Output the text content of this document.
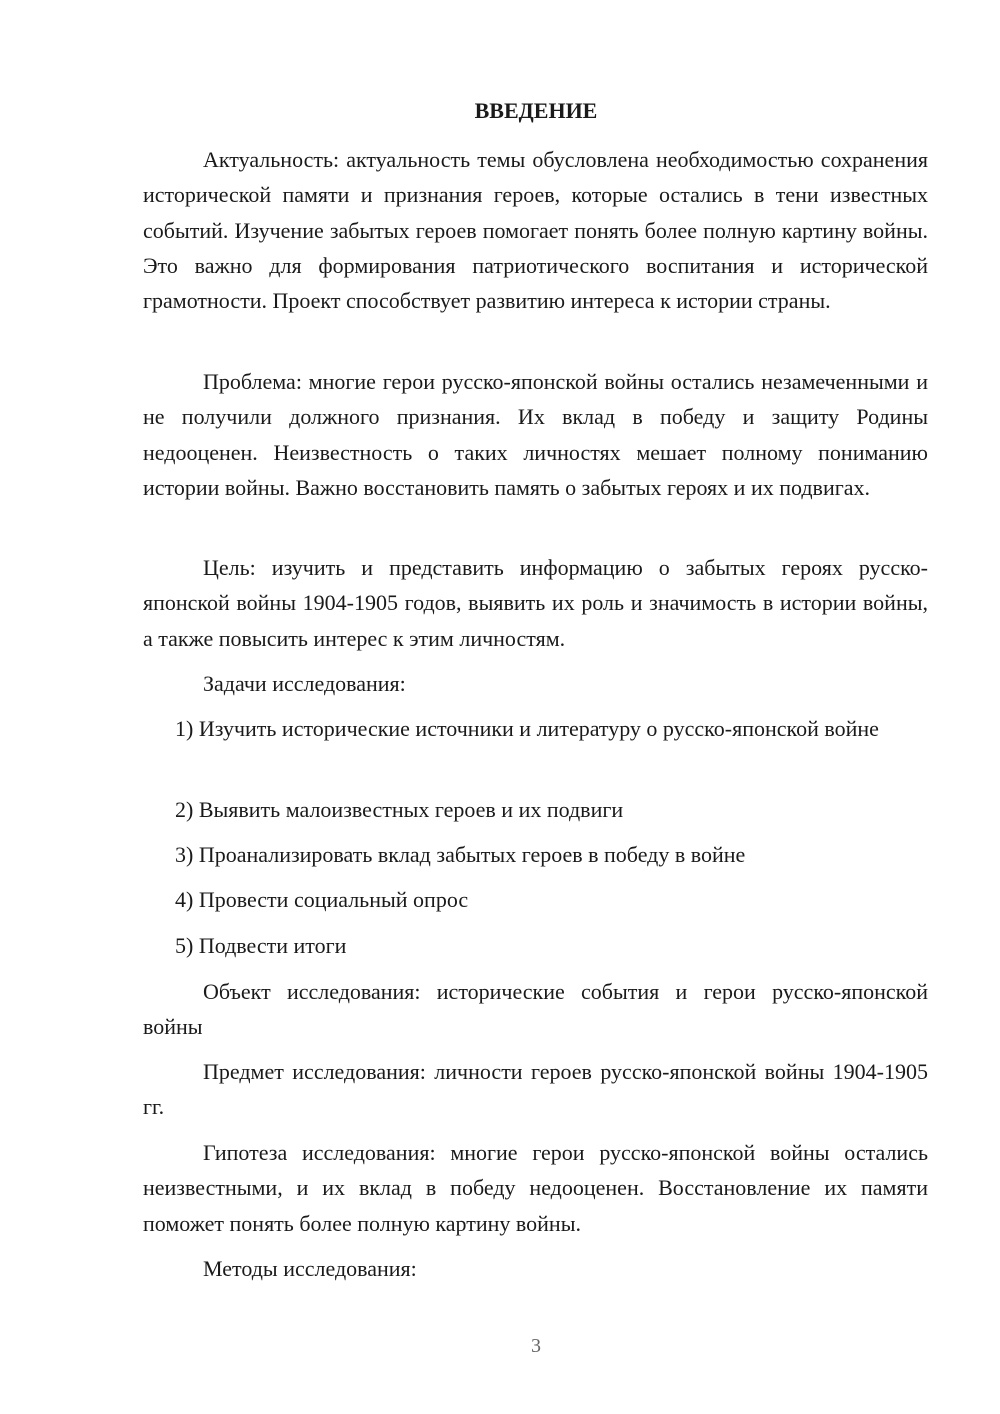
ВВЕДЕНИЕ
Актуальность: актуальность темы обусловлена необходимостью сохранения исторической памяти и признания героев, которые остались в тени известных событий. Изучение забытых героев помогает понять более полную картину войны. Это важно для формирования патриотического воспитания и исторической грамотности. Проект способствует развитию интереса к истории страны.
Проблема: многие герои русско-японской войны остались незамеченными и не получили должного признания. Их вклад в победу и защиту Родины недооценен. Неизвестность о таких личностях мешает полному пониманию истории войны. Важно восстановить память о забытых героях и их подвигах.
Цель: изучить и представить информацию о забытых героях русско-японской войны 1904-1905 годов, выявить их роль и значимость в истории войны, а также повысить интерес к этим личностям.
Задачи исследования:
1) Изучить исторические источники и литературу о русско-японской войне
2) Выявить малоизвестных героев и их подвиги
3) Проанализировать вклад забытых героев в победу в войне
4) Провести социальный опрос
5) Подвести итоги
Объект исследования: исторические события и герои русско-японской войны
Предмет исследования: личности героев русско-японской войны 1904-1905 гг.
Гипотеза исследования: многие герои русско-японской войны остались неизвестными, и их вклад в победу недооценен. Восстановление их памяти поможет понять более полную картину войны.
Методы исследования:
3
